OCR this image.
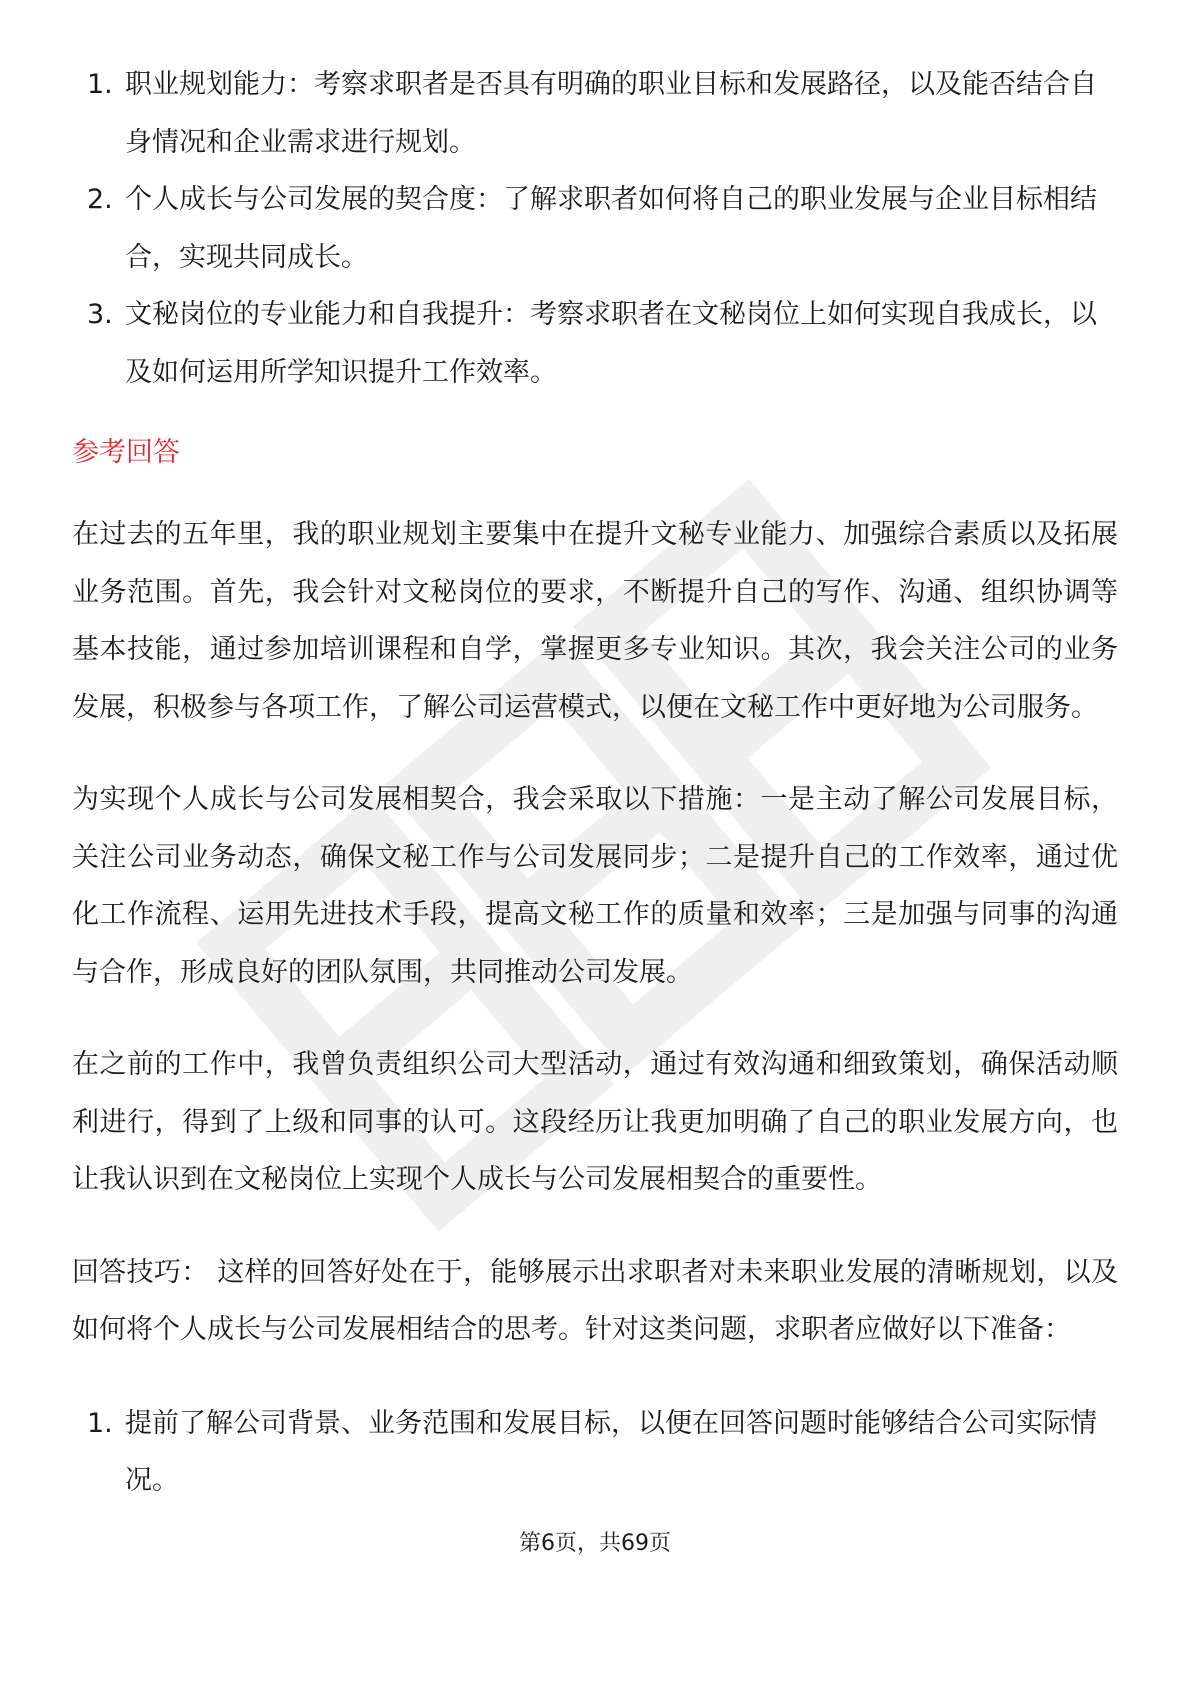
1. 职业规划能力：考察求职者是否具有明确的职业目标和发展路径，以及能否结合自身情况和企业需求进行规划。
2. 个人成长与公司发展的契合度：了解求职者如何将自己的职业发展与企业目标相结合，实现共同成长。
3. 文秘岗位的专业能力和自我提升：考察求职者在文秘岗位上如何实现自我成长，以及如何运用所学知识提升工作效率。
参考回答

在过去的五年里，我的职业规划主要集中在提升文秘专业能力、加强综合素质以及拓展业务范围。首先，我会针对文秘岗位的要求，不断提升自己的写作、沟通、组织协调等基本技能，通过参加培训课程和自学，掌握更多专业知识。其次，我会关注公司的业务发展，积极参与各项工作，了解公司运营模式，以便在文秘工作中更好地为公司服务。

为实现个人成长与公司发展相契合，我会采取以下措施：一是主动了解公司发展目标，关注公司业务动态，确保文秘工作与公司发展同步；二是提升自己的工作效率，通过优化工作流程、运用先进技术手段，提高文秘工作的质量和效率；三是加强与同事的沟通与合作，形成良好的团队氛围，共同推动公司发展。

在之前的工作中，我曾负责组织公司大型活动，通过有效沟通和细致策划，确保活动顺利进行，得到了上级和同事的认可。这段经历让我更加明确了自己的职业发展方向，也让我认识到在文秘岗位上实现个人成长与公司发展相契合的重要性。

回答技巧： 这样的回答好处在于，能够展示出求职者对未来职业发展的清晰规划，以及如何将个人成长与公司发展相结合的思考。针对这类问题，求职者应做好以下准备：

1. 提前了解公司背景、业务范围和发展目标，以便在回答问题时能够结合公司实际情况。
第6页，共69页
